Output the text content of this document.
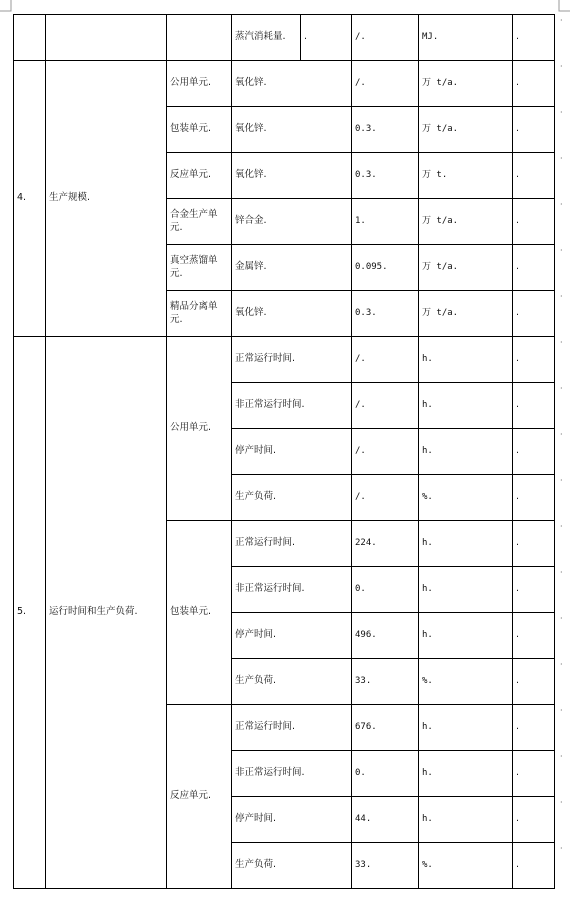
			蒸汽消耗量.	.	/.	MJ.	.
4.	生产规模.	公用单元.	氧化锌.		/.	万 t/a.	.
		包装单元.	氧化锌.		0.3.	万 t/a.	.
		反应单元.	氧化锌.		0.3.	万 t.	.
		合金生产单元.	锌合金.		1.	万 t/a.	.
		真空蒸馏单元.	金属锌.		0.095.	万 t/a.	.
		精品分离单元.	氧化锌.		0.3.	万 t/a.	.
5.	运行时间和生产负荷.	公用单元.	正常运行时间.		/.	h.	.
			非正常运行时间.		/.	h.	.
			停产时间.		/.	h.	.
			生产负荷.		/.	%.	.
		包装单元.	正常运行时间.		224.	h.	.
			非正常运行时间.		0.	h.	.
			停产时间.		496.	h.	.
			生产负荷.		33.	%.	.
		反应单元.	正常运行时间.		676.	h.	.
			非正常运行时间.		0.	h.	.
			停产时间.		44.	h.	.
			生产负荷.		33.	%.	.
·
·
·
·
·
·
·
·
·
·
·
·
·
·
·
·
·
·
·
